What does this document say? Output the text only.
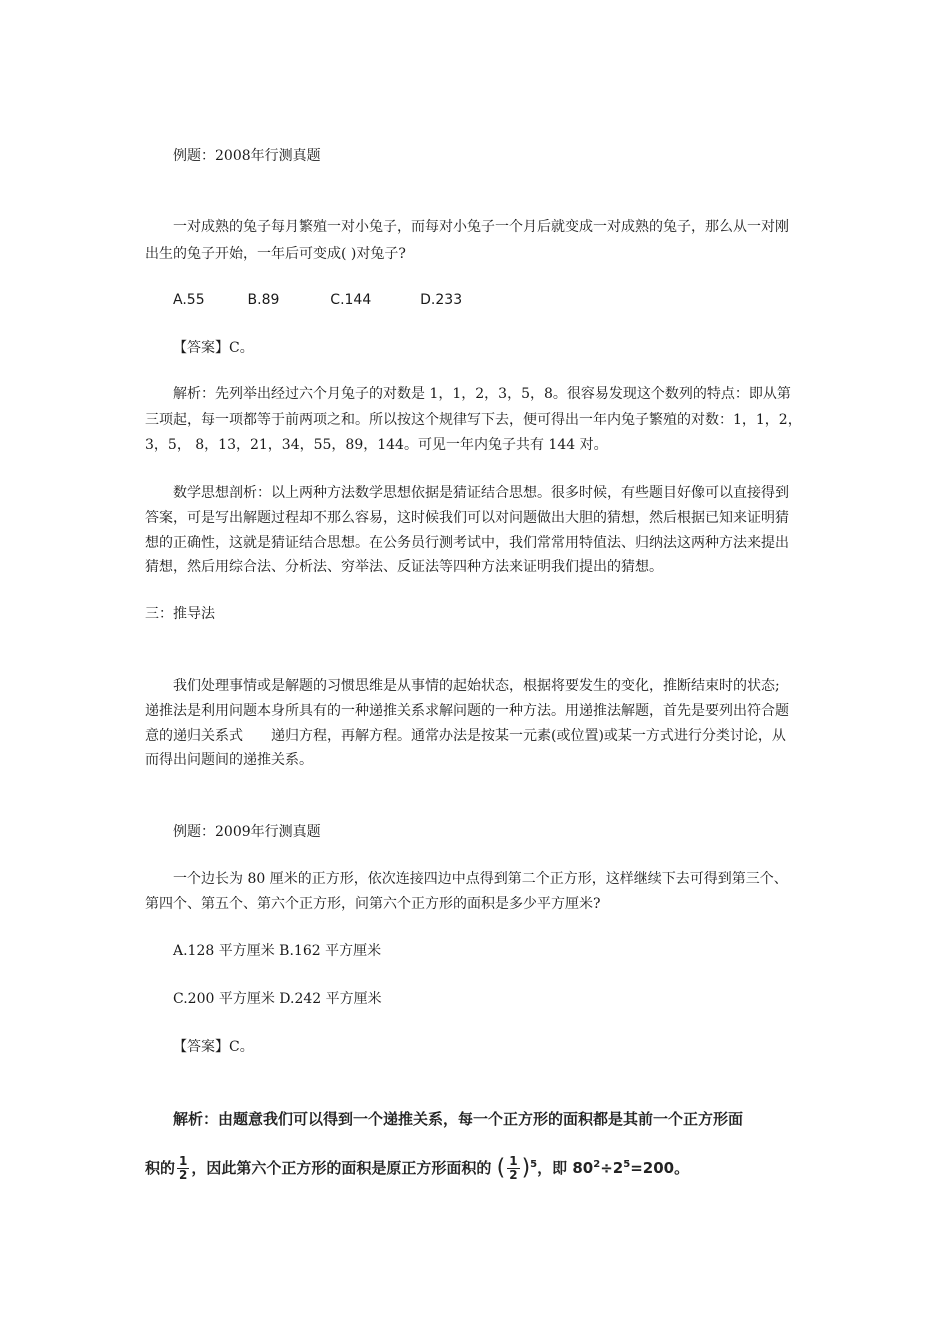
例题：2008年行测真题
一对成熟的兔子每月繁殖一对小兔子，而每对小兔子一个月后就变成一对成熟的兔子，那么从一对刚
出生的兔子开始，一年后可变成( )对兔子?
A.55	B.89	C.144	D.233
【答案】C。
解析：先列举出经过六个月兔子的对数是 1，1，2，3，5，8。很容易发现这个数列的特点：即从第
三项起，每一项都等于前两项之和。所以按这个规律写下去，便可得出一年内兔子繁殖的对数：1，1，2，
3，5， 8，13，21，34，55，89，144。可见一年内兔子共有 144 对。
数学思想剖析：以上两种方法数学思想依据是猜证结合思想。很多时候，有些题目好像可以直接得到
答案，可是写出解题过程却不那么容易，这时候我们可以对问题做出大胆的猜想，然后根据已知来证明猜
想的正确性，这就是猜证结合思想。在公务员行测考试中，我们常常用特值法、归纳法这两种方法来提出
猜想，然后用综合法、分析法、穷举法、反证法等四种方法来证明我们提出的猜想。
三：推导法
我们处理事情或是解题的习惯思维是从事情的起始状态，根据将要发生的变化，推断结束时的状态;
递推法是利用问题本身所具有的一种递推关系求解问题的一种方法。用递推法解题，首先是要列出符合题
意的递归关系式　　递归方程，再解方程。通常办法是按某一元素(或位置)或某一方式进行分类讨论，从
而得出问题间的递推关系。
例题：2009年行测真题
一个边长为 80 厘米的正方形，依次连接四边中点得到第二个正方形，这样继续下去可得到第三个、
第四个、第五个、第六个正方形，问第六个正方形的面积是多少平方厘米?
A.128 平方厘米 B.162 平方厘米
C.200 平方厘米 D.242 平方厘米
【答案】C。
解析：由题意我们可以得到一个递推关系，每一个正方形的面积都是其前一个正方形面
积的 $\frac{1}{2}$ ，因此第六个正方形的面积是原正方形面积的 ( $\frac{1}{2} )^5$，即 $80^2\div 2^5=200$。
